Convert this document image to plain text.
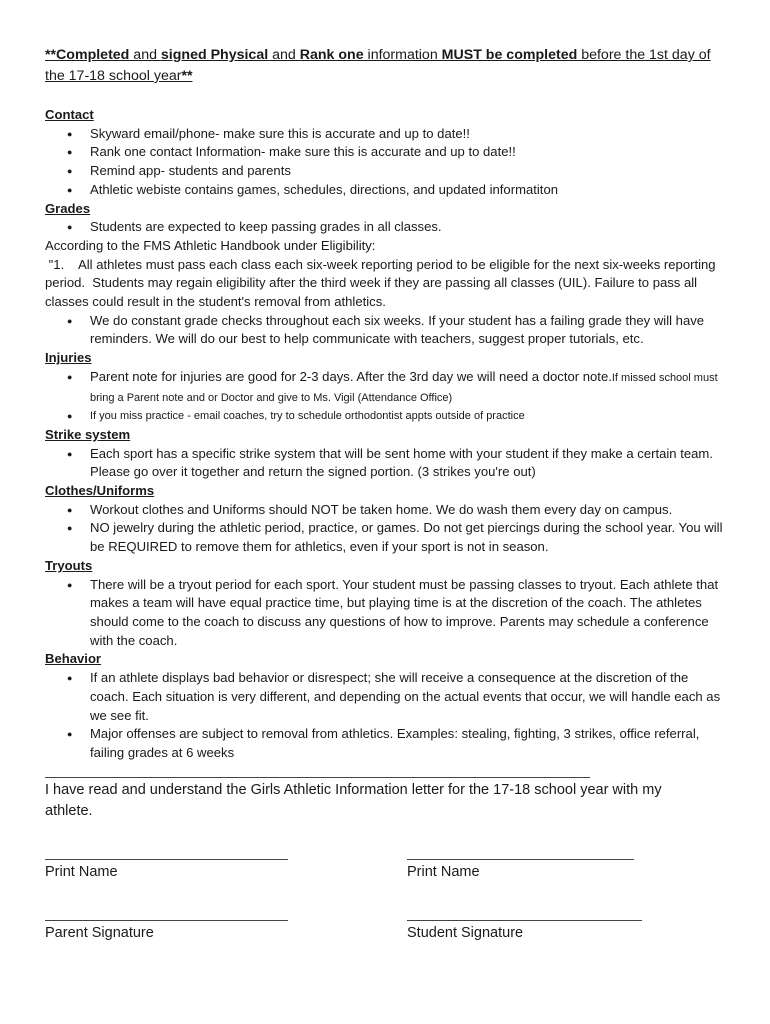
**Completed and signed Physical and Rank one information MUST be completed before the 1st day of the 17-18 school year**
Contact
● Skyward email/phone- make sure this is accurate and up to date!!
● Rank one contact Information- make sure this is accurate and up to date!!
● Remind app- students and parents
● Athletic webiste contains games, schedules, directions, and updated informatiton
Grades
● Students are expected to keep passing grades in all classes.

According to the FMS Athletic Handbook under Eligibility:

"1.    All athletes must pass each class each six-week reporting period to be eligible for the next six-weeks reporting period.  Students may regain eligibility after the third week if they are passing all classes (UIL). Failure to pass all classes could result in the student's removal from athletics.

● We do constant grade checks throughout each six weeks. If your student has a failing grade they will have reminders. We will do our best to help communicate with teachers, suggest proper tutorials, etc.
Injuries
● Parent note for injuries are good for 2-3 days. After the 3rd day we will need a doctor note.If missed school must bring a Parent note and or Doctor and give to Ms. Vigil (Attendance Office)
● If you miss practice - email coaches, try to schedule orthodontist appts outside of practice
Strike system
● Each sport has a specific strike system that will be sent home with your student if they make a certain team. Please go over it together and return the signed portion. (3 strikes you're out)
Clothes/Uniforms
● Workout clothes and Uniforms should NOT be taken home. We do wash them every day on campus.
● NO jewelry during the athletic period, practice, or games. Do not get piercings during the school year. You will be REQUIRED to remove them for athletics, even if your sport is not in season.
Tryouts
● There will be a tryout period for each sport. Your student must be passing classes to tryout. Each athlete that makes a team will have equal practice time, but playing time is at the discretion of the coach. The athletes should come to the coach to discuss any questions of how to improve. Parents may schedule a conference with the coach.
Behavior
● If an athlete displays bad behavior or disrespect; she will receive a consequence at the discretion of the coach. Each situation is very different, and depending on the actual events that occur, we will handle each as we see fit.
● Major offenses are subject to removal from athletics. Examples: stealing, fighting, 3 strikes, office referral, failing grades at 6 weeks
I have read and understand the Girls Athletic Information letter for the 17-18 school year with my athlete.
Print Name	Print Name
Parent Signature	Student Signature
